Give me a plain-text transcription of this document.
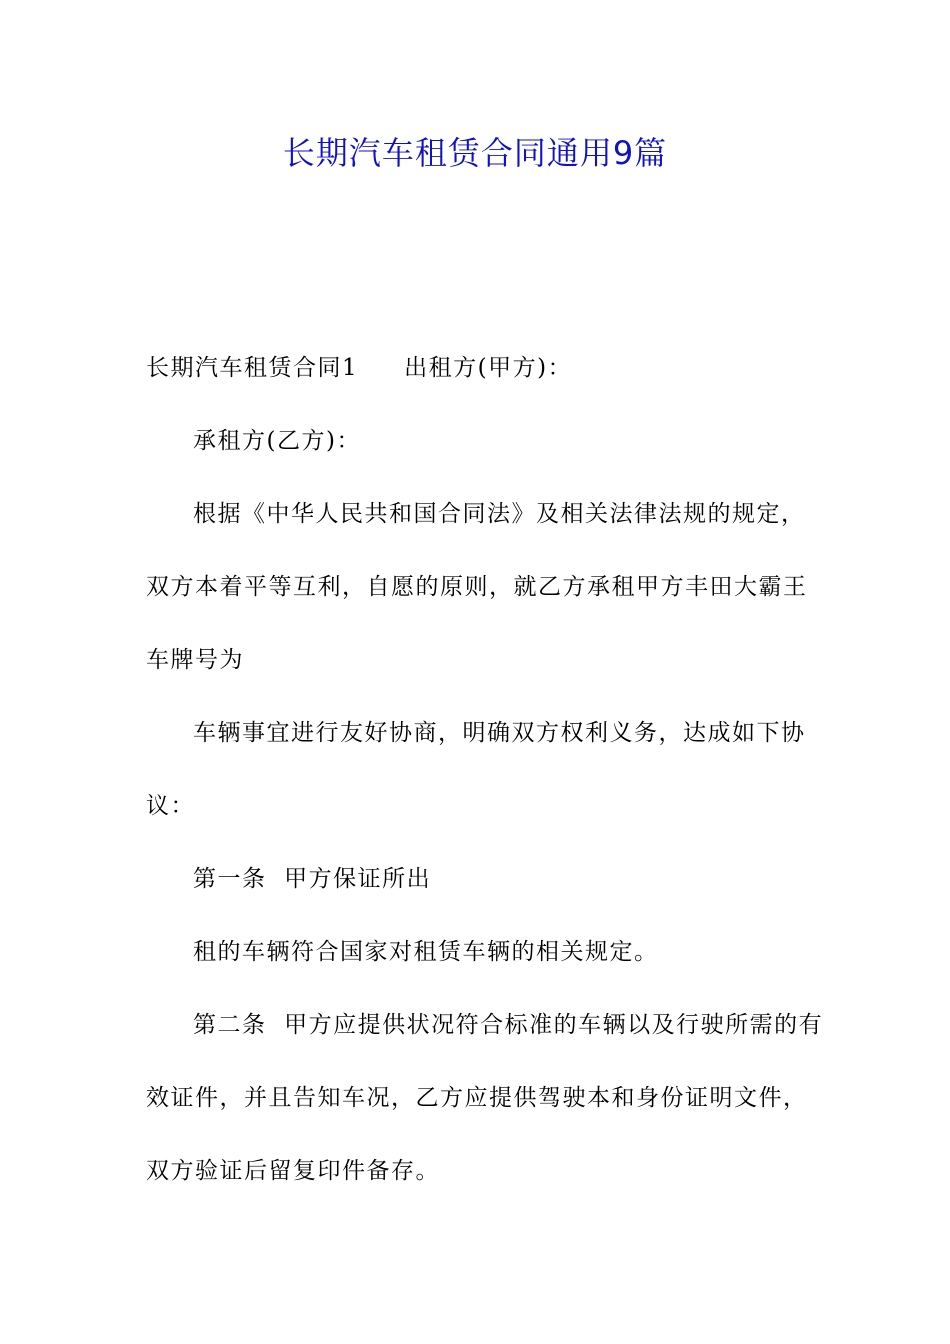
长期汽车租赁合同通用9篇

长期汽车租赁合同1 出租方(甲方)：

承租方(乙方)：

根据《中华人民共和国合同法》及相关法律法规的规定，

双方本着平等互利，自愿的原则，就乙方承租甲方丰田大霸王

车牌号为

车辆事宜进行友好协商，明确双方权利义务，达成如下协

议：

第一条  甲方保证所出

租的车辆符合国家对租赁车辆的相关规定。

第二条  甲方应提供状况符合标准的车辆以及行驶所需的有

效证件，并且告知车况，乙方应提供驾驶本和身份证明文件，

双方验证后留复印件备存。
